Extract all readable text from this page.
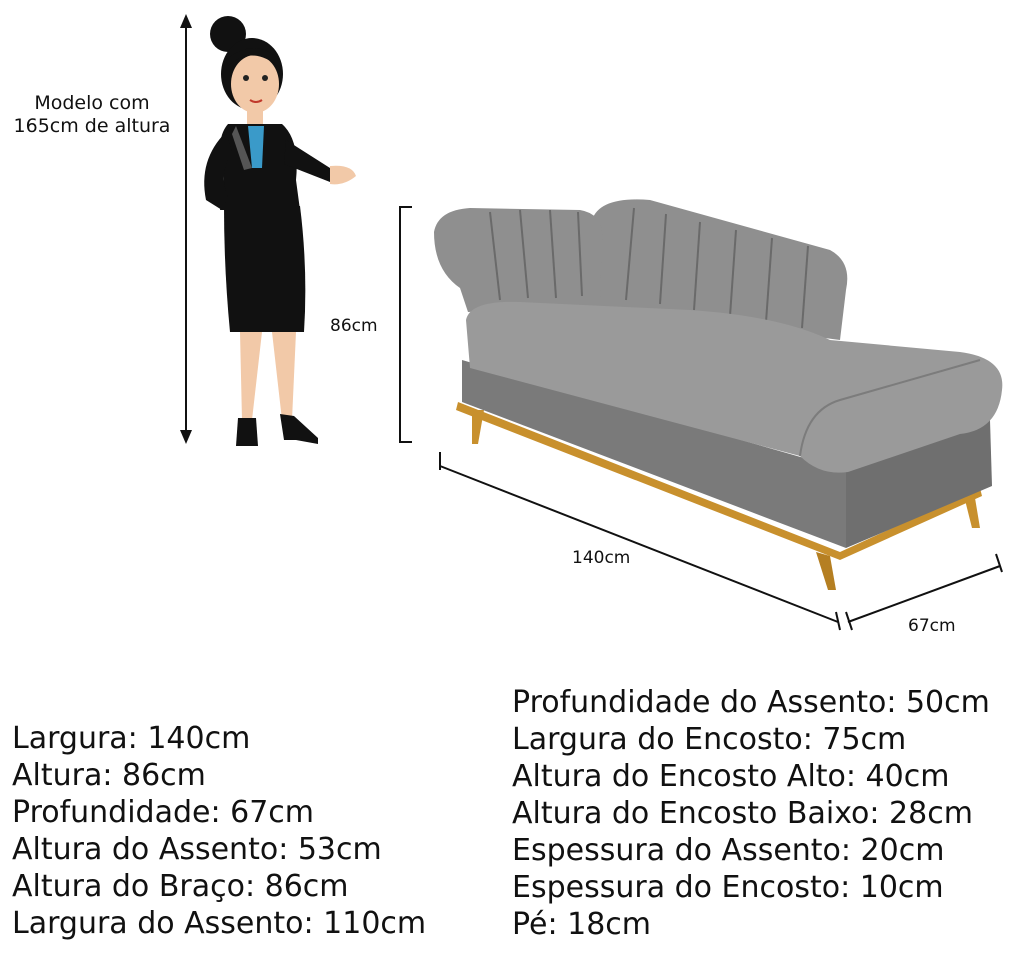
Modelo com
165cm de altura
86cm
140cm
67cm
Largura: 140cm
Altura: 86cm
Profundidade: 67cm
Altura do Assento: 53cm
Altura do Braço: 86cm
Largura do Assento: 110cm
Profundidade do Assento: 50cm
Largura do Encosto: 75cm
Altura do Encosto Alto: 40cm
Altura do Encosto Baixo: 28cm
Espessura do Assento: 20cm
Espessura do Encosto: 10cm
Pé: 18cm
